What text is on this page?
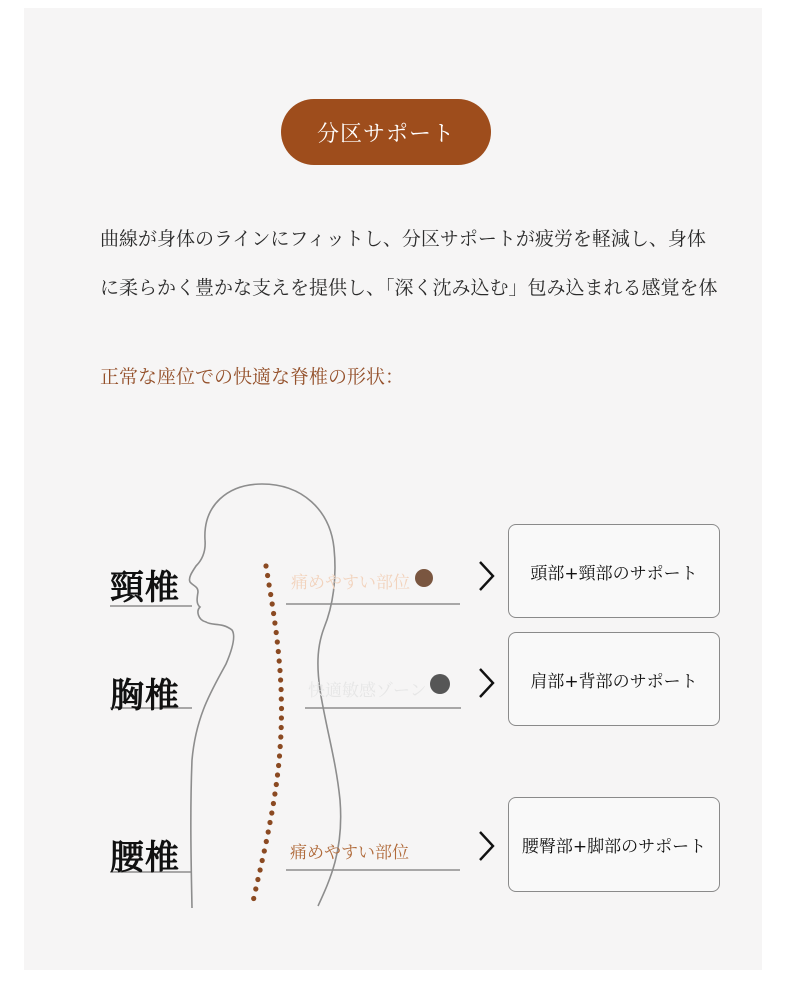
分区サポート
曲線が身体のラインにフィットし、分区サポートが疲労を軽減し、身体
に柔らかく豊かな支えを提供し、「深く沈み込む」包み込まれる感覚を体
正常な座位での快適な脊椎の形状：
頸椎
胸椎
腰椎
痛めやすい部位
快適敏感ゾーン
痛めやすい部位
頭部+頸部のサポート
肩部+背部のサポート
腰臀部+脚部のサポート
